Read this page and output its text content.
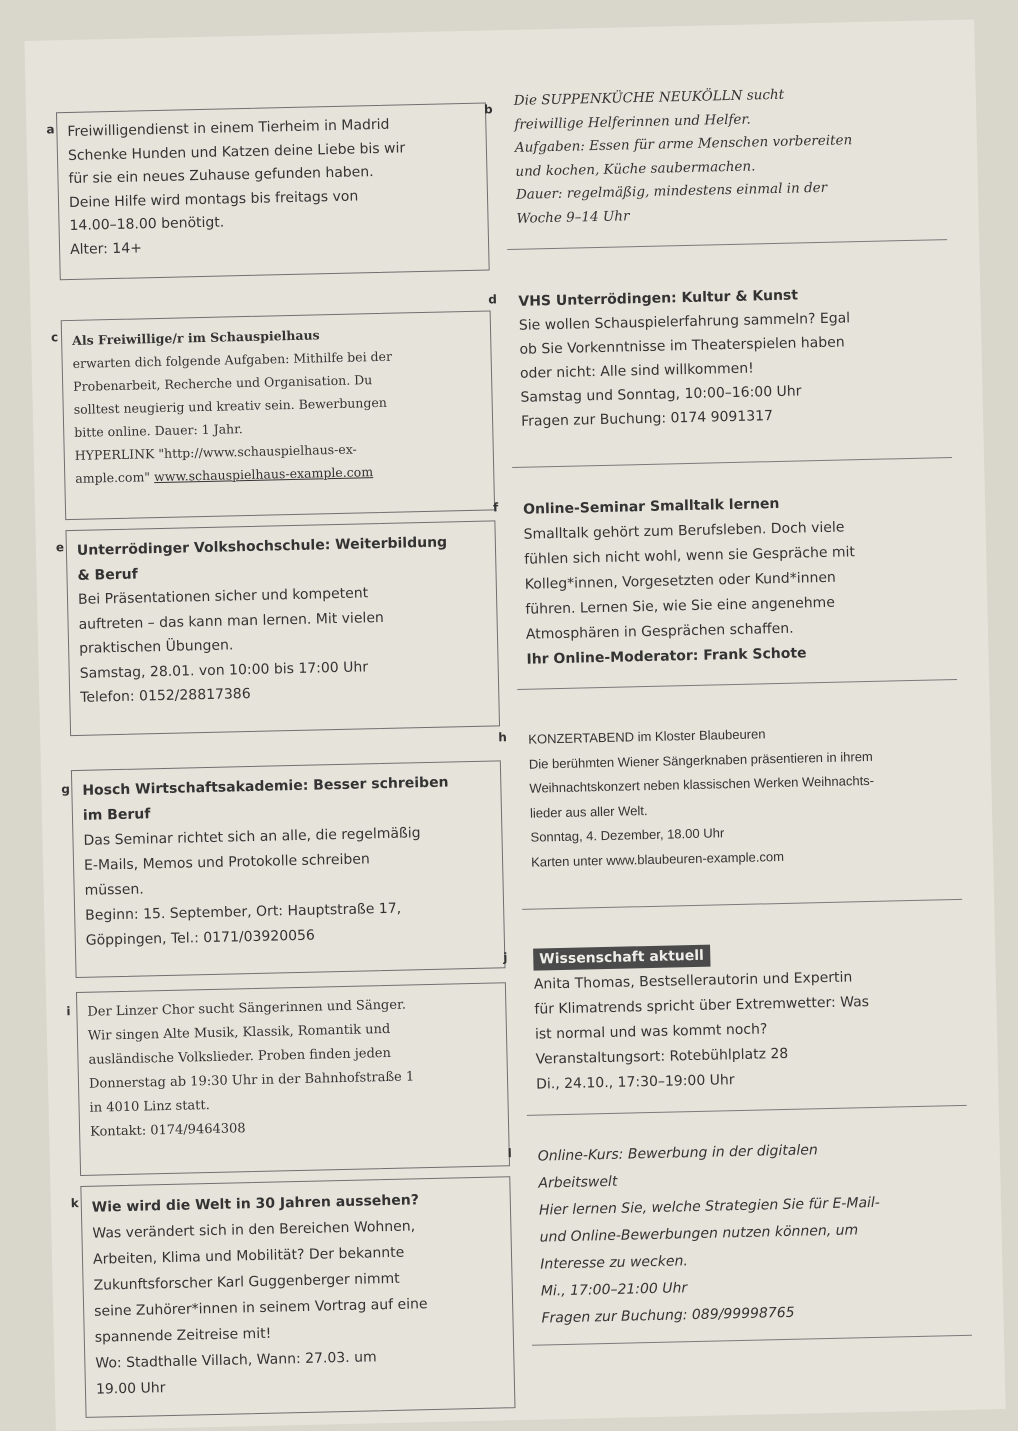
a Freiwilligendienst in einem Tierheim in Madrid

Schenke Hunden und Katzen deine Liebe bis wir

für sie ein neues Zuhause gefunden haben.

Deine Hilfe wird montags bis freitags von

14.00–18.00 benötigt.

Alter: 14+

b

Die SUPPENKÜCHE NEUKÖLLN sucht

freiwillige Helferinnen und Helfer.

Aufgaben: Essen für arme Menschen vorbereiten

und kochen, Küche saubermachen.

Dauer: regelmäßig, mindestens einmal in der

Woche 9–14 Uhr

c Als Freiwillige/r im Schauspielhaus

erwarten dich folgende Aufgaben: Mithilfe bei der

Probenarbeit, Recherche und Organisation. Du

solltest neugierig und kreativ sein. Bewerbungen

bitte online. Dauer: 1 Jahr.

HYPERLINK "http://www.schauspielhaus-ex-

ample.com" www.schauspielhaus-example.com

d VHS Unterrödingen: Kultur & Kunst

Sie wollen Schauspielerfahrung sammeln? Egal

ob Sie Vorkenntnisse im Theaterspielen haben

oder nicht: Alle sind willkommen!

Samstag und Sonntag, 10:00–16:00 Uhr

Fragen zur Buchung: 0174 9091317

e Unterrödinger Volkshochschule: Weiterbildung

& Beruf

Bei Präsentationen sicher und kompetent

auftreten – das kann man lernen. Mit vielen

praktischen Übungen.

Samstag, 28.01. von 10:00 bis 17:00 Uhr

Telefon: 0152/28817386

f Online-Seminar Smalltalk lernen

Smalltalk gehört zum Berufsleben. Doch viele

fühlen sich nicht wohl, wenn sie Gespräche mit

Kolleg*innen, Vorgesetzten oder Kund*innen

führen. Lernen Sie, wie Sie eine angenehme

Atmosphären in Gesprächen schaffen.

Ihr Online-Moderator: Frank Schote

g Hosch Wirtschaftsakademie: Besser schreiben

im Beruf

Das Seminar richtet sich an alle, die regelmäßig

E-Mails, Memos und Protokolle schreiben

müssen.

Beginn: 15. September, Ort: Hauptstraße 17,

Göppingen, Tel.: 0171/03920056

h KONZERTABEND im Kloster Blaubeuren

Die berühmten Wiener Sängerknaben präsentieren in ihrem

Weihnachtskonzert neben klassischen Werken Weihnachts-

lieder aus aller Welt.

Sonntag, 4. Dezember, 18.00 Uhr

Karten unter www.blaubeuren-example.com

i Der Linzer Chor sucht Sängerinnen und Sänger.

Wir singen Alte Musik, Klassik, Romantik und

ausländische Volkslieder. Proben finden jeden

Donnerstag ab 19:30 Uhr in der Bahnhofstraße 1

in 4010 Linz statt.

Kontakt: 0174/9464308

j	Wissenschaft aktuell

Anita Thomas, Bestsellerautorin und Expertin

für Klimatrends spricht über Extremwetter: Was

ist normal und was kommt noch?

Veranstaltungsort: Rotebühlplatz 28

Di., 24.10., 17:30–19:00 Uhr

k Wie wird die Welt in 30 Jahren aussehen?

Was verändert sich in den Bereichen Wohnen,

Arbeiten, Klima und Mobilität? Der bekannte

Zukunftsforscher Karl Guggenberger nimmt

seine Zuhörer*innen in seinem Vortrag auf eine

spannende Zeitreise mit!

Wo: Stadthalle Villach, Wann: 27.03. um

19.00 Uhr

l Online-Kurs: Bewerbung in der digitalen

Arbeitswelt

Hier lernen Sie, welche Strategien Sie für E-Mail-

und Online-Bewerbungen nutzen können, um

Interesse zu wecken.

Mi., 17:00–21:00 Uhr

Fragen zur Buchung: 089/99998765
